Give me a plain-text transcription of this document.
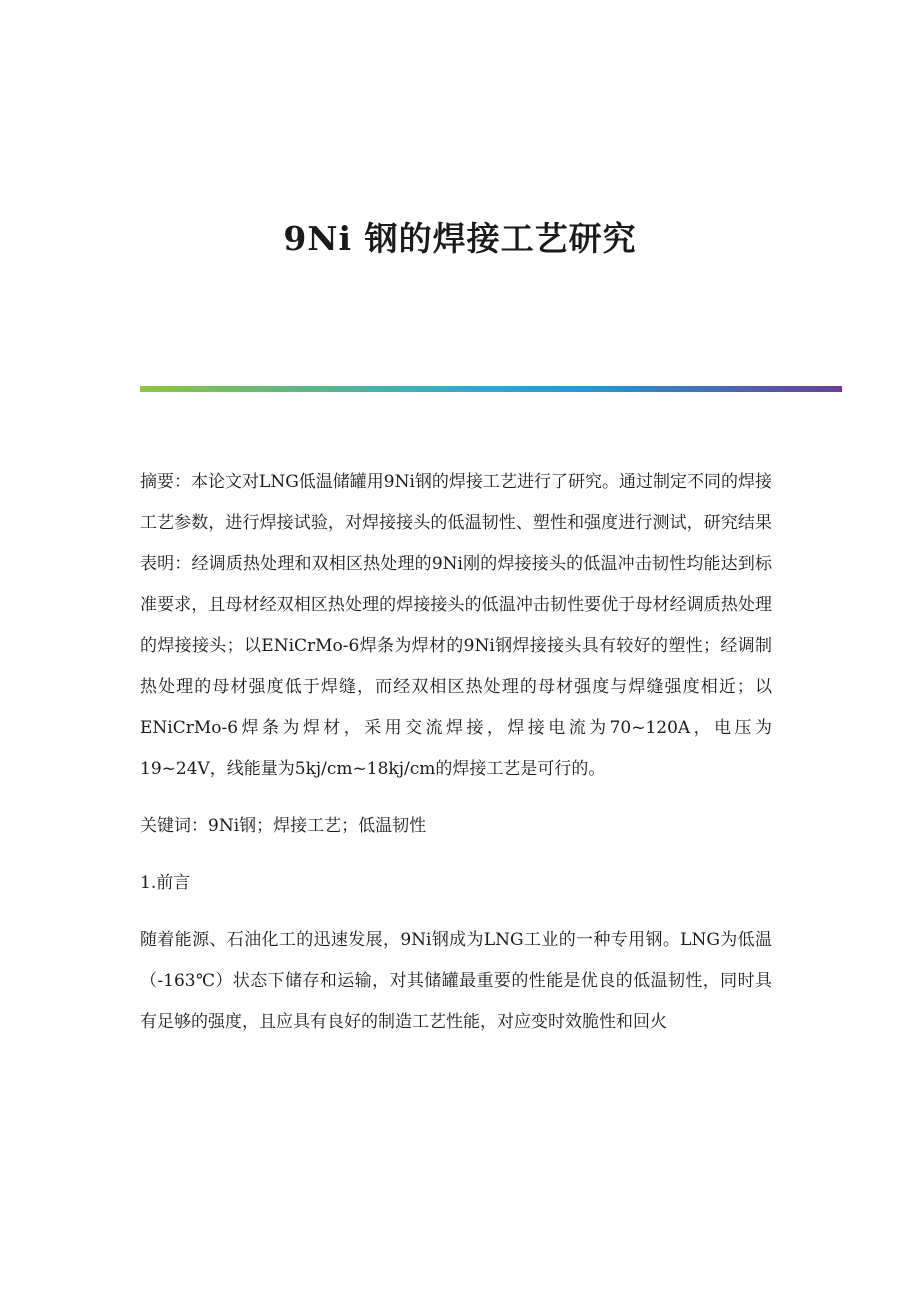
9Ni 钢的焊接工艺研究

摘要：本论文对LNG低温储罐用9Ni钢的焊接工艺进行了研究。通过制定不同的焊接工艺参数，进行焊接试验，对焊接接头的低温韧性、塑性和强度进行测试，研究结果表明：经调质热处理和双相区热处理的9Ni刚的焊接接头的低温冲击韧性均能达到标准要求，且母材经双相区热处理的焊接接头的低温冲击韧性要优于母材经调质热处理的焊接接头；以ENiCrMo-6焊条为焊材的9Ni钢焊接接头具有较好的塑性；经调制热处理的母材强度低于焊缝，而经双相区热处理的母材强度与焊缝强度相近；以ENiCrMo-6焊条为焊材，采用交流焊接，焊接电流为70~120A，电压为19~24V，线能量为5kj/cm~18kj/cm的焊接工艺是可行的。

关键词：9Ni钢；焊接工艺；低温韧性

1.前言

随着能源、石油化工的迅速发展，9Ni钢成为LNG工业的一种专用钢。LNG为低温（-163℃）状态下储存和运输，对其储罐最重要的性能是优良的低温韧性，同时具有足够的强度，且应具有良好的制造工艺性能，对应变时效脆性和回火
